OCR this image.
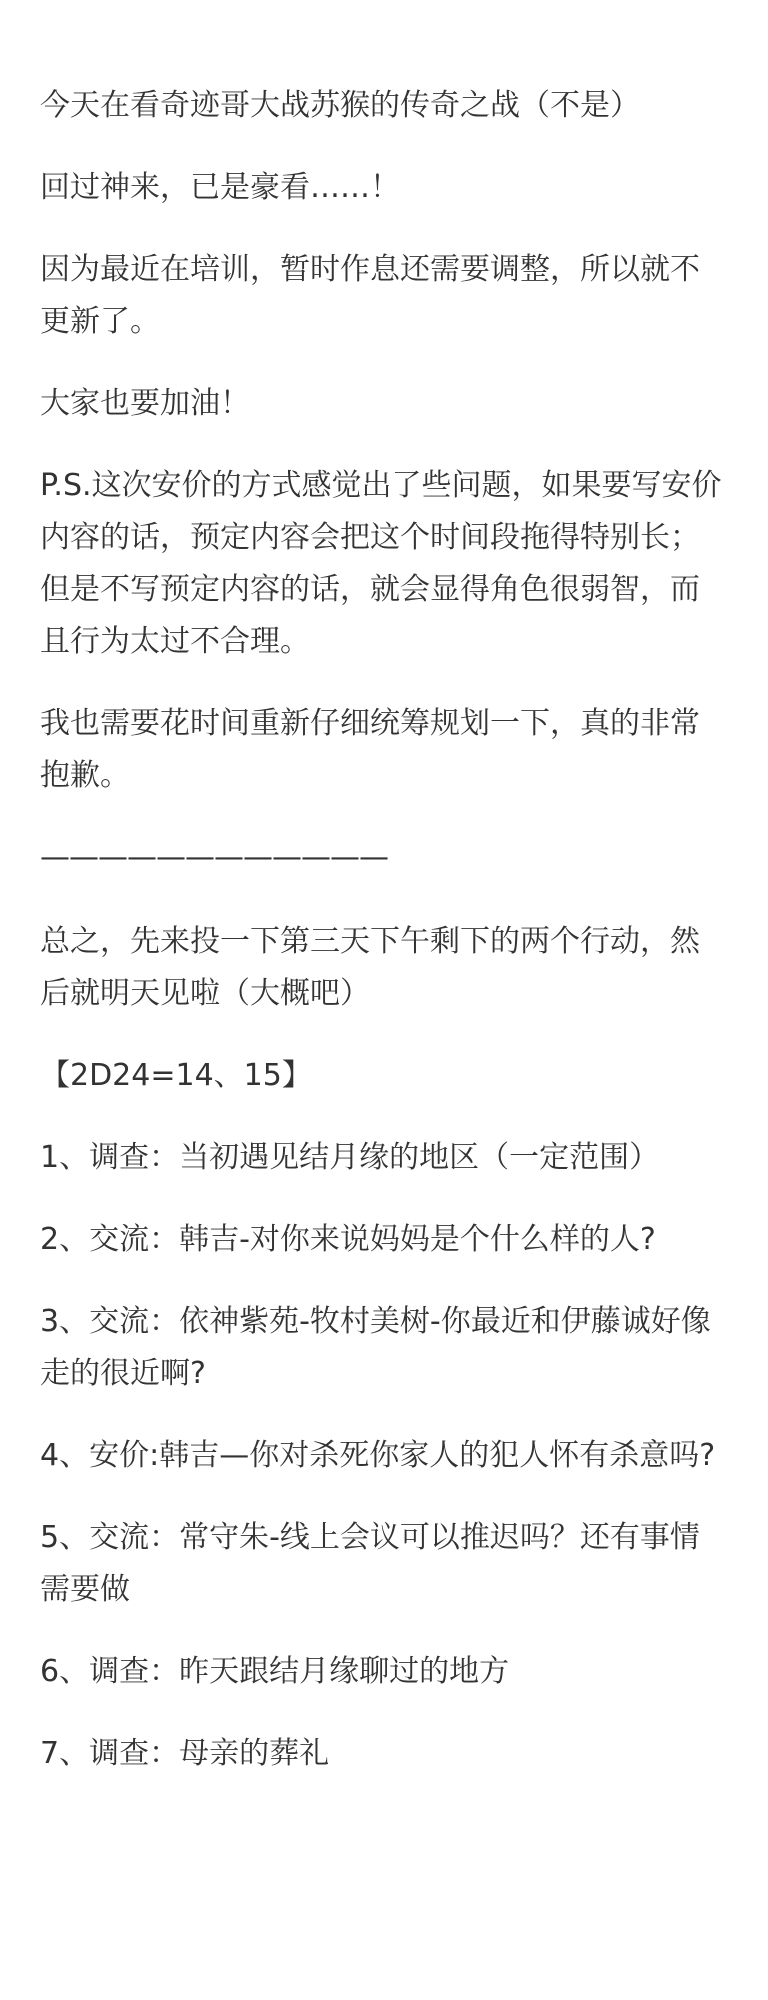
今天在看奇迹哥大战苏猴的传奇之战（不是）

回过神来，已是豪看……！

因为最近在培训，暂时作息还需要调整，所以就不更新了。

大家也要加油！

P.S.这次安价的方式感觉出了些问题，如果要写安价内容的话，预定内容会把这个时间段拖得特别长；但是不写预定内容的话，就会显得角色很弱智，而且行为太过不合理。

我也需要花时间重新仔细统筹规划一下，真的非常抱歉。

————————————

总之，先来投一下第三天下午剩下的两个行动，然后就明天见啦（大概吧）

【2D24=14、15】

1、调查：当初遇见结月缘的地区（一定范围）

2、交流：韩吉-对你来说妈妈是个什么样的人?

3、交流：依神紫苑-牧村美树-你最近和伊藤诚好像走的很近啊?

4、安价:韩吉—你对杀死你家人的犯人怀有杀意吗?

5、交流：常守朱-线上会议可以推迟吗？还有事情需要做

6、调查：昨天跟结月缘聊过的地方

7、调查：母亲的葬礼
